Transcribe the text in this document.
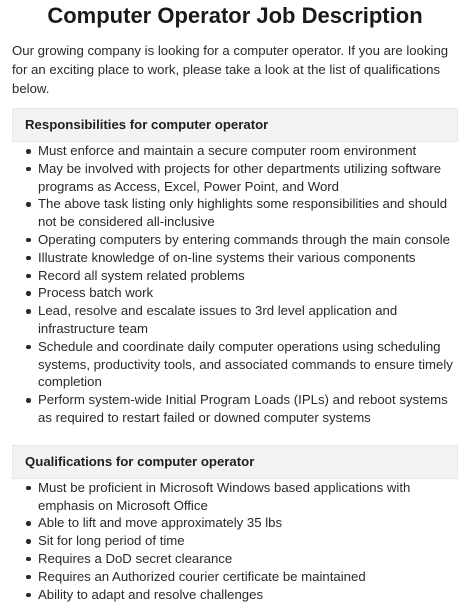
Computer Operator Job Description

Our growing company is looking for a computer operator. If you are looking for an exciting place to work, please take a look at the list of qualifications below.

Responsibilities for computer operator
Must enforce and maintain a secure computer room environment
May be involved with projects for other departments utilizing software programs as Access, Excel, Power Point, and Word
The above task listing only highlights some responsibilities and should not be considered all-inclusive
Operating computers by entering commands through the main console
Illustrate knowledge of on-line systems their various components
Record all system related problems
Process batch work
Lead, resolve and escalate issues to 3rd level application and infrastructure team
Schedule and coordinate daily computer operations using scheduling systems, productivity tools, and associated commands to ensure timely completion
Perform system-wide Initial Program Loads (IPLs) and reboot systems as required to restart failed or downed computer systems
Qualifications for computer operator
Must be proficient in Microsoft Windows based applications with emphasis on Microsoft Office
Able to lift and move approximately 35 lbs
Sit for long period of time
Requires a DoD secret clearance
Requires an Authorized courier certificate be maintained
Ability to adapt and resolve challenges
